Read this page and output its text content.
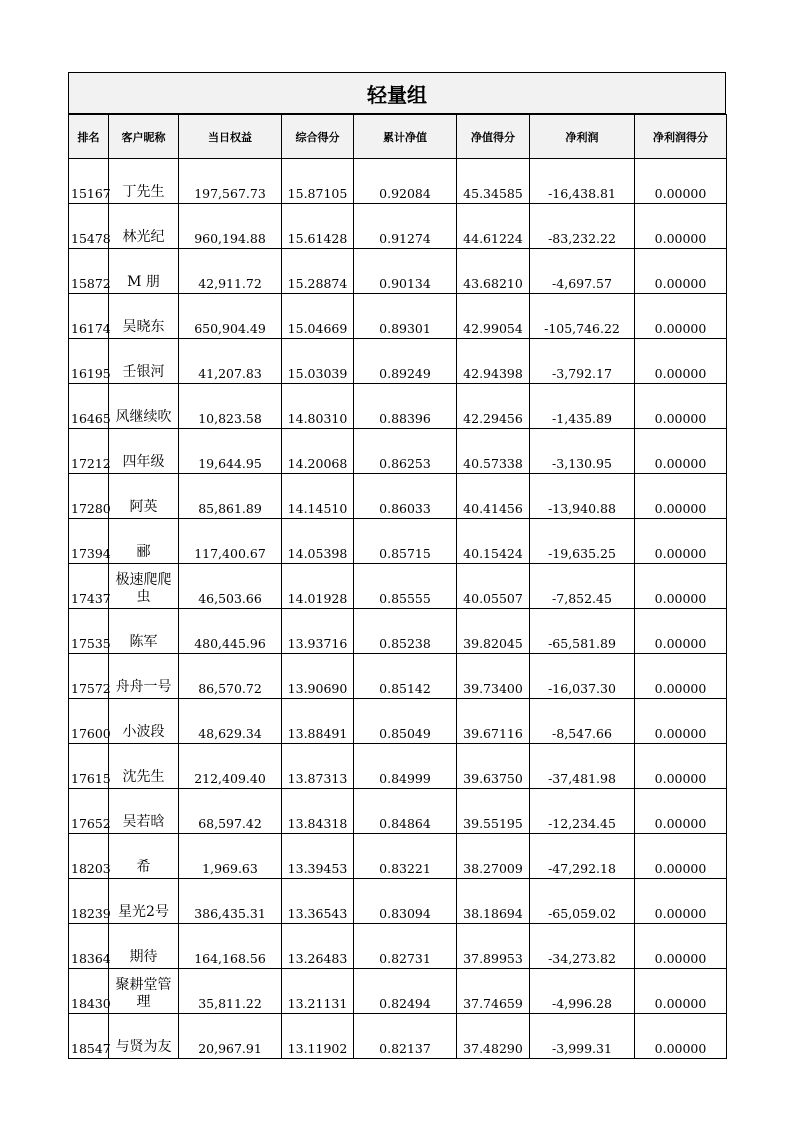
轻量组
排名	客户昵称	当日权益	综合得分	累计净值	净值得分	净利润	净利润得分
15167	丁先生	197,567.73	15.87105	0.92084	45.34585	-16,438.81	0.00000
15478	林光纪	960,194.88	15.61428	0.91274	44.61224	-83,232.22	0.00000
15872	M 朋	42,911.72	15.28874	0.90134	43.68210	-4,697.57	0.00000
16174	吴晓东	650,904.49	15.04669	0.89301	42.99054	-105,746.22	0.00000
16195	壬银河	41,207.83	15.03039	0.89249	42.94398	-3,792.17	0.00000
16465	风继续吹	10,823.58	14.80310	0.88396	42.29456	-1,435.89	0.00000
17212	四年级	19,644.95	14.20068	0.86253	40.57338	-3,130.95	0.00000
17280	阿英	85,861.89	14.14510	0.86033	40.41456	-13,940.88	0.00000
17394	郦	117,400.67	14.05398	0.85715	40.15424	-19,635.25	0.00000
17437	极速爬爬虫	46,503.66	14.01928	0.85555	40.05507	-7,852.45	0.00000
17535	陈军	480,445.96	13.93716	0.85238	39.82045	-65,581.89	0.00000
17572	舟舟一号	86,570.72	13.90690	0.85142	39.73400	-16,037.30	0.00000
17600	小波段	48,629.34	13.88491	0.85049	39.67116	-8,547.66	0.00000
17615	沈先生	212,409.40	13.87313	0.84999	39.63750	-37,481.98	0.00000
17652	吴若晗	68,597.42	13.84318	0.84864	39.55195	-12,234.45	0.00000
18203	希	1,969.63	13.39453	0.83221	38.27009	-47,292.18	0.00000
18239	星光2号	386,435.31	13.36543	0.83094	38.18694	-65,059.02	0.00000
18364	期待	164,168.56	13.26483	0.82731	37.89953	-34,273.82	0.00000
18430	聚耕堂管理	35,811.22	13.21131	0.82494	37.74659	-4,996.28	0.00000
18547	与贤为友	20,967.91	13.11902	0.82137	37.48290	-3,999.31	0.00000
